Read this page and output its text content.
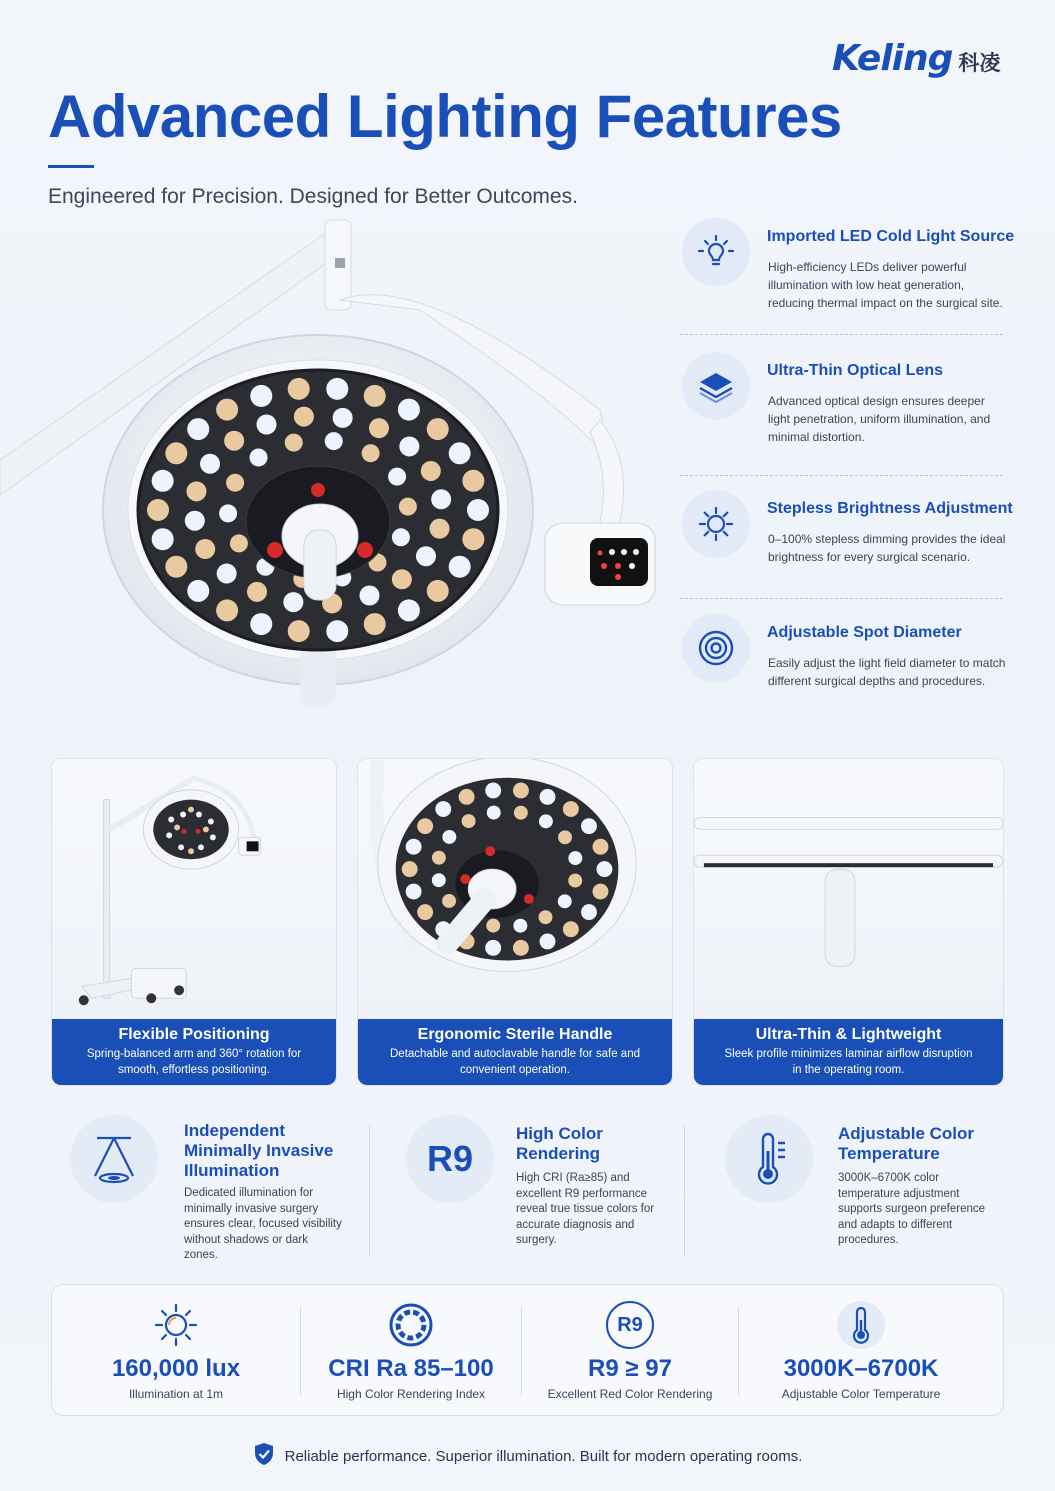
Keling 科凌
Advanced Lighting Features
Engineered for Precision. Designed for Better Outcomes.
Imported LED Cold Light Source
High-efficiency LEDs deliver powerful illumination with low heat generation, reducing thermal impact on the surgical site.
Ultra-Thin Optical Lens
Advanced optical design ensures deeper light penetration, uniform illumination, and minimal distortion.
Stepless Brightness Adjustment
0–100% stepless dimming provides the ideal brightness for every surgical scenario.
Adjustable Spot Diameter
Easily adjust the light field diameter to match different surgical depths and procedures.
Flexible Positioning
Spring-balanced arm and 360° rotation for smooth, effortless positioning.
Ergonomic Sterile Handle
Detachable and autoclavable handle for safe and convenient operation.
Ultra-Thin & Lightweight
Sleek profile minimizes laminar airflow disruption in the operating room.
Independent Minimally Invasive Illumination
Dedicated illumination for minimally invasive surgery ensures clear, focused visibility without shadows or dark zones.
R9
High Color Rendering
High CRI (Ra≥85) and excellent R9 performance reveal true tissue colors for accurate diagnosis and surgery.
Adjustable Color Temperature
3000K–6700K color temperature adjustment supports surgeon preference and adapts to different procedures.
160,000 lux
Illumination at 1m
CRI Ra 85–100
High Color Rendering Index
R9
R9 ≥ 97
Excellent Red Color Rendering
3000K–6700K
Adjustable Color Temperature
Reliable performance. Superior illumination. Built for modern operating rooms.
